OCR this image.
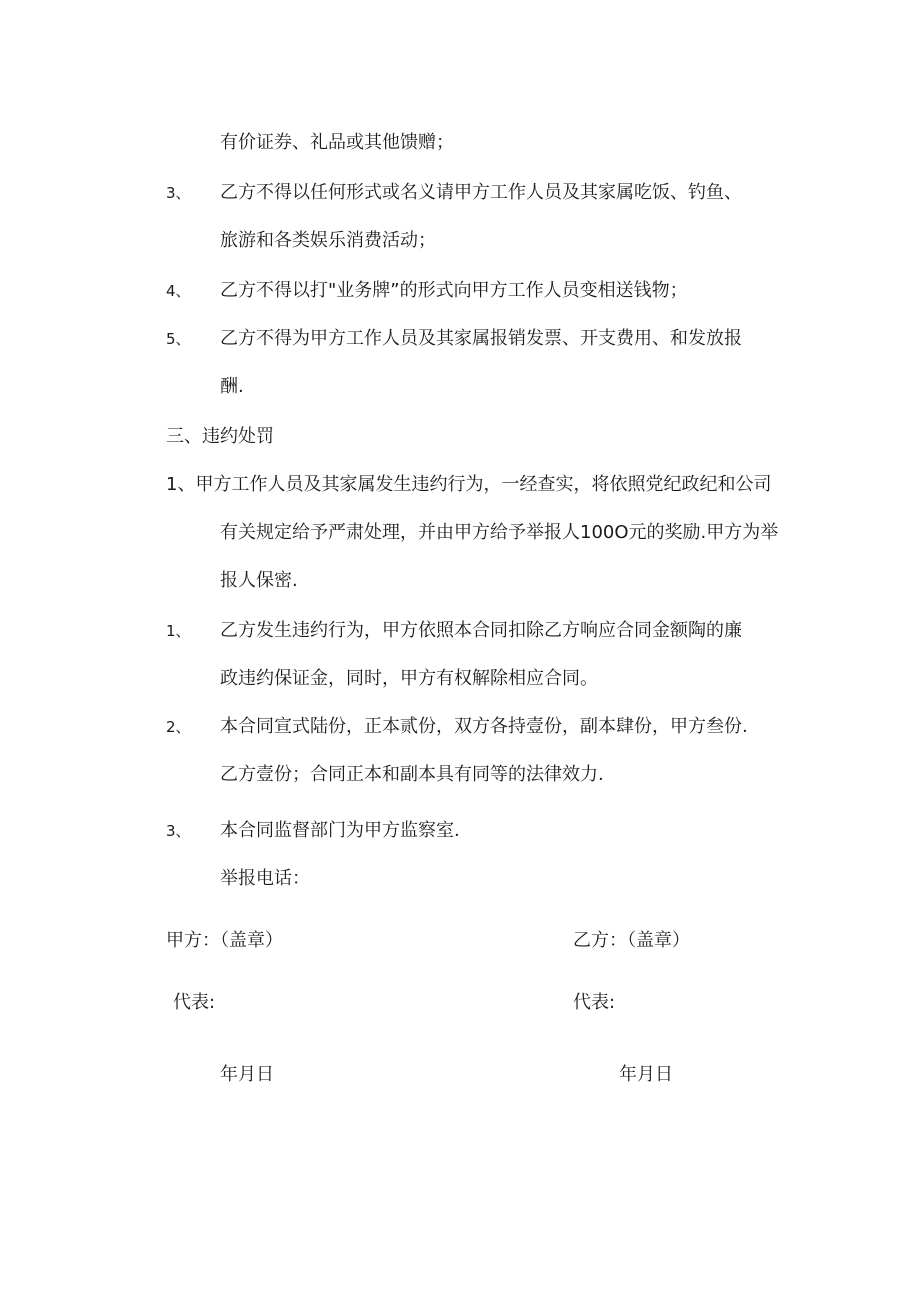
有价证券、礼品或其他馈赠；
3、 乙方不得以任何形式或名义请甲方工作人员及其家属吃饭、钓鱼、
旅游和各类娱乐消费活动；
4、 乙方不得以打"业务牌”的形式向甲方工作人员变相送钱物；
5、 乙方不得为甲方工作人员及其家属报销发票、开支费用、和发放报
酬.
三、违约处罚
1、甲方工作人员及其家属发生违约行为，一经查实，将依照党纪政纪和公司
有关规定给予严肃处理，并由甲方给予举报人100O元的奖励.甲方为举
报人保密.
1、 乙方发生违约行为，甲方依照本合同扣除乙方响应合同金额陶的廉
政违约保证金，同时，甲方有权解除相应合同。
2、 本合同宣式陆份，正本贰份，双方各持壹份，副本肆份，甲方叁份.
乙方壹份；合同正本和副本具有同等的法律效力.
3、 本合同监督部门为甲方监察室.
举报电话：
甲方：（盖章）	乙方：（盖章）
代表:	代表:
年月日	年月日
